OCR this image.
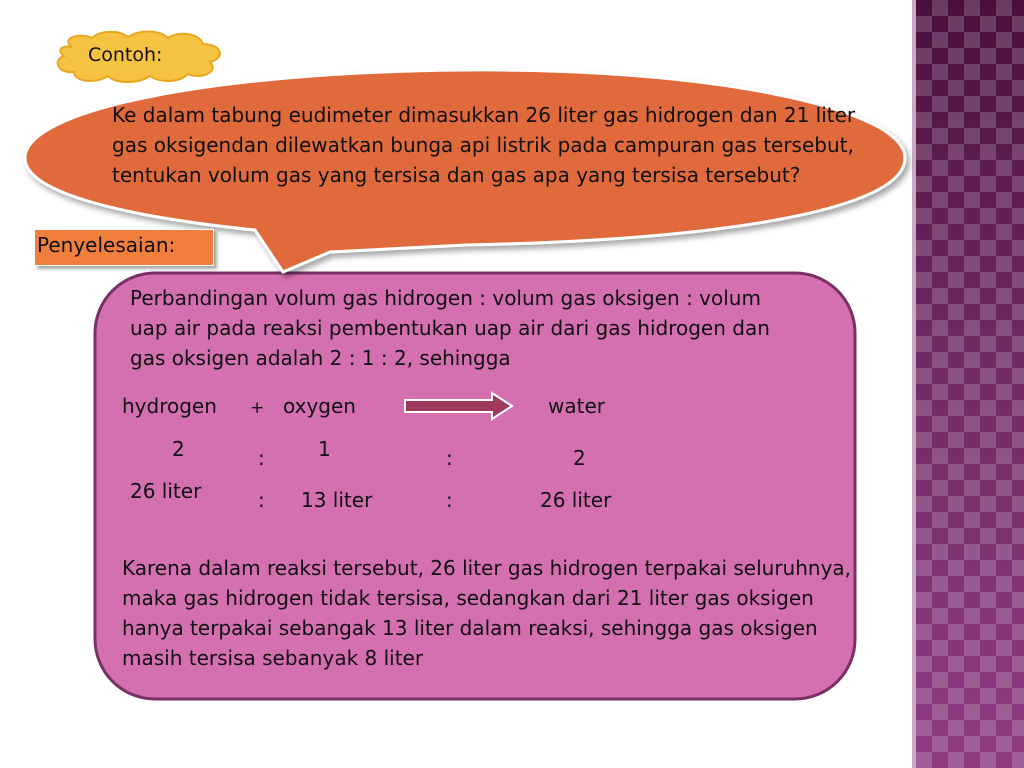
Contoh:
Ke dalam tabung eudimeter dimasukkan 26 liter gas hidrogen dan 21 liter gas oksigendan dilewatkan bunga api listrik pada campuran gas tersebut, tentukan volum gas yang tersisa dan gas apa yang tersisa tersebut?
Penyelesaian:
Perbandingan volum gas hidrogen : volum gas oksigen : volum uap air pada reaksi pembentukan uap air dari gas hidrogen dan gas oksigen adalah 2 : 1 : 2, sehingga
hydrogen + oxygen	water
2	:	1	:	2
26 liter	: 13 liter	:	26 liter
Karena dalam reaksi tersebut, 26 liter gas hidrogen terpakai seluruhnya, maka gas hidrogen tidak tersisa, sedangkan dari 21 liter gas oksigen hanya terpakai sebangak 13 liter dalam reaksi, sehingga gas oksigen masih tersisa sebanyak 8 liter
